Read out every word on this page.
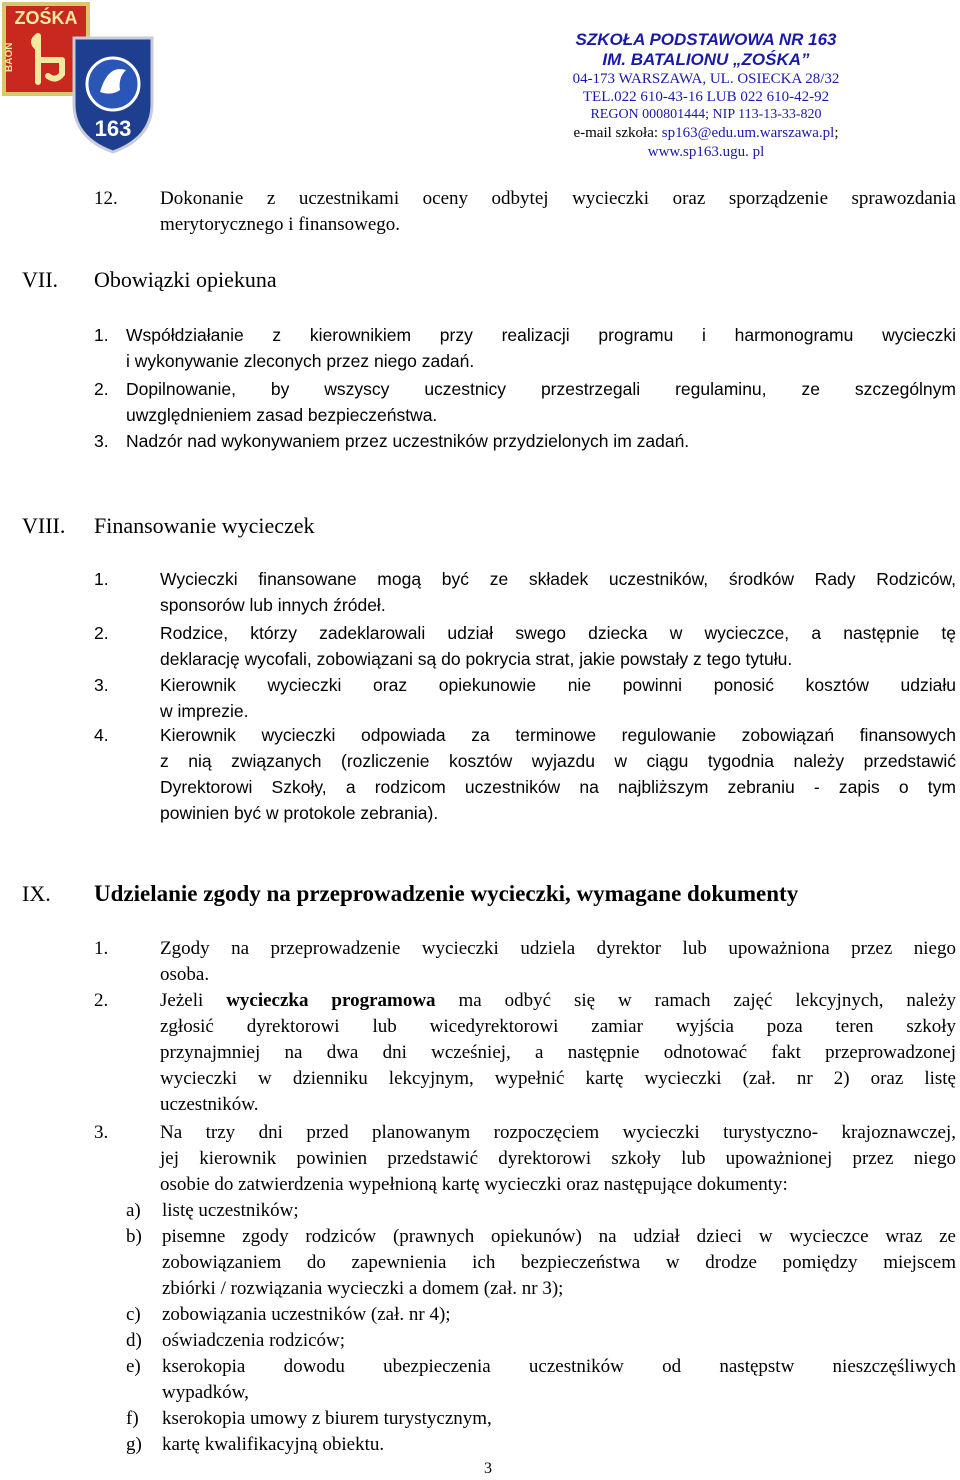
ZOŚKA
BAON
163
SZKOŁA PODSTAWOWA NR 163
IM. BATALIONU „ZOŚKA”
04-173 WARSZAWA, UL. OSIECKA 28/32
TEL.022 610-43-16 LUB 022 610-42-92
REGON 000801444; NIP 113-13-33-820
e-mail szkoła: sp163@edu.um.warszawa.pl;
www.sp163.ugu. pl
12. Dokonanie z uczestnikami oceny odbytej wycieczki oraz sporządzenie sprawozdania
merytorycznego i finansowego.
VII. Obowiązki opiekuna
1. Współdziałanie z kierownikiem przy realizacji programu i harmonogramu wycieczki
i wykonywanie zleconych przez niego zadań.
2. Dopilnowanie, by wszyscy uczestnicy przestrzegali regulaminu, ze szczególnym
uwzględnieniem zasad bezpieczeństwa.
3. Nadzór nad wykonywaniem przez uczestników przydzielonych im zadań.
VIII. Finansowanie wycieczek
1.	Wycieczki finansowane mogą być ze składek uczestników, środków Rady Rodziców,
sponsorów lub innych źródeł.
2.	Rodzice, którzy zadeklarowali udział swego dziecka w wycieczce, a następnie tę
deklarację wycofali, zobowiązani są do pokrycia strat, jakie powstały z tego tytułu.
3.	Kierownik wycieczki oraz opiekunowie nie powinni ponosić kosztów udziału
w imprezie.
4.	Kierownik wycieczki odpowiada za terminowe regulowanie zobowiązań finansowych
z nią związanych (rozliczenie kosztów wyjazdu w ciągu tygodnia należy przedstawić
Dyrektorowi Szkoły, a rodzicom uczestników na najbliższym zebraniu - zapis o tym
powinien być w protokole zebrania).
IX. Udzielanie zgody na przeprowadzenie wycieczki, wymagane dokumenty
1.	Zgody na przeprowadzenie wycieczki udziela dyrektor lub upoważniona przez niego
osoba.
2.	Jeżeli wycieczka programowa ma odbyć się w ramach zajęć lekcyjnych, należy
zgłosić dyrektorowi lub wicedyrektorowi zamiar wyjścia poza teren szkoły
przynajmniej na dwa dni wcześniej, a następnie odnotować fakt przeprowadzonej
wycieczki w dzienniku lekcyjnym, wypełnić kartę wycieczki (zał. nr 2) oraz listę
uczestników.
3.	Na trzy dni przed planowanym rozpoczęciem wycieczki turystyczno- krajoznawczej,
jej kierownik powinien przedstawić dyrektorowi szkoły lub upoważnionej przez niego
osobie do zatwierdzenia wypełnioną kartę wycieczki oraz następujące dokumenty:
a) listę uczestników;
b) pisemne zgody rodziców (prawnych opiekunów) na udział dzieci w wycieczce wraz ze
zobowiązaniem do zapewnienia ich bezpieczeństwa w drodze pomiędzy miejscem
zbiórki / rozwiązania wycieczki a domem (zał. nr 3);
c) zobowiązania uczestników (zał. nr 4);
d) oświadczenia rodziców;
e) kserokopia dowodu ubezpieczenia uczestników od następstw nieszczęśliwych
wypadków,
f) kserokopia umowy z biurem turystycznym,
g) kartę kwalifikacyjną obiektu.
3
